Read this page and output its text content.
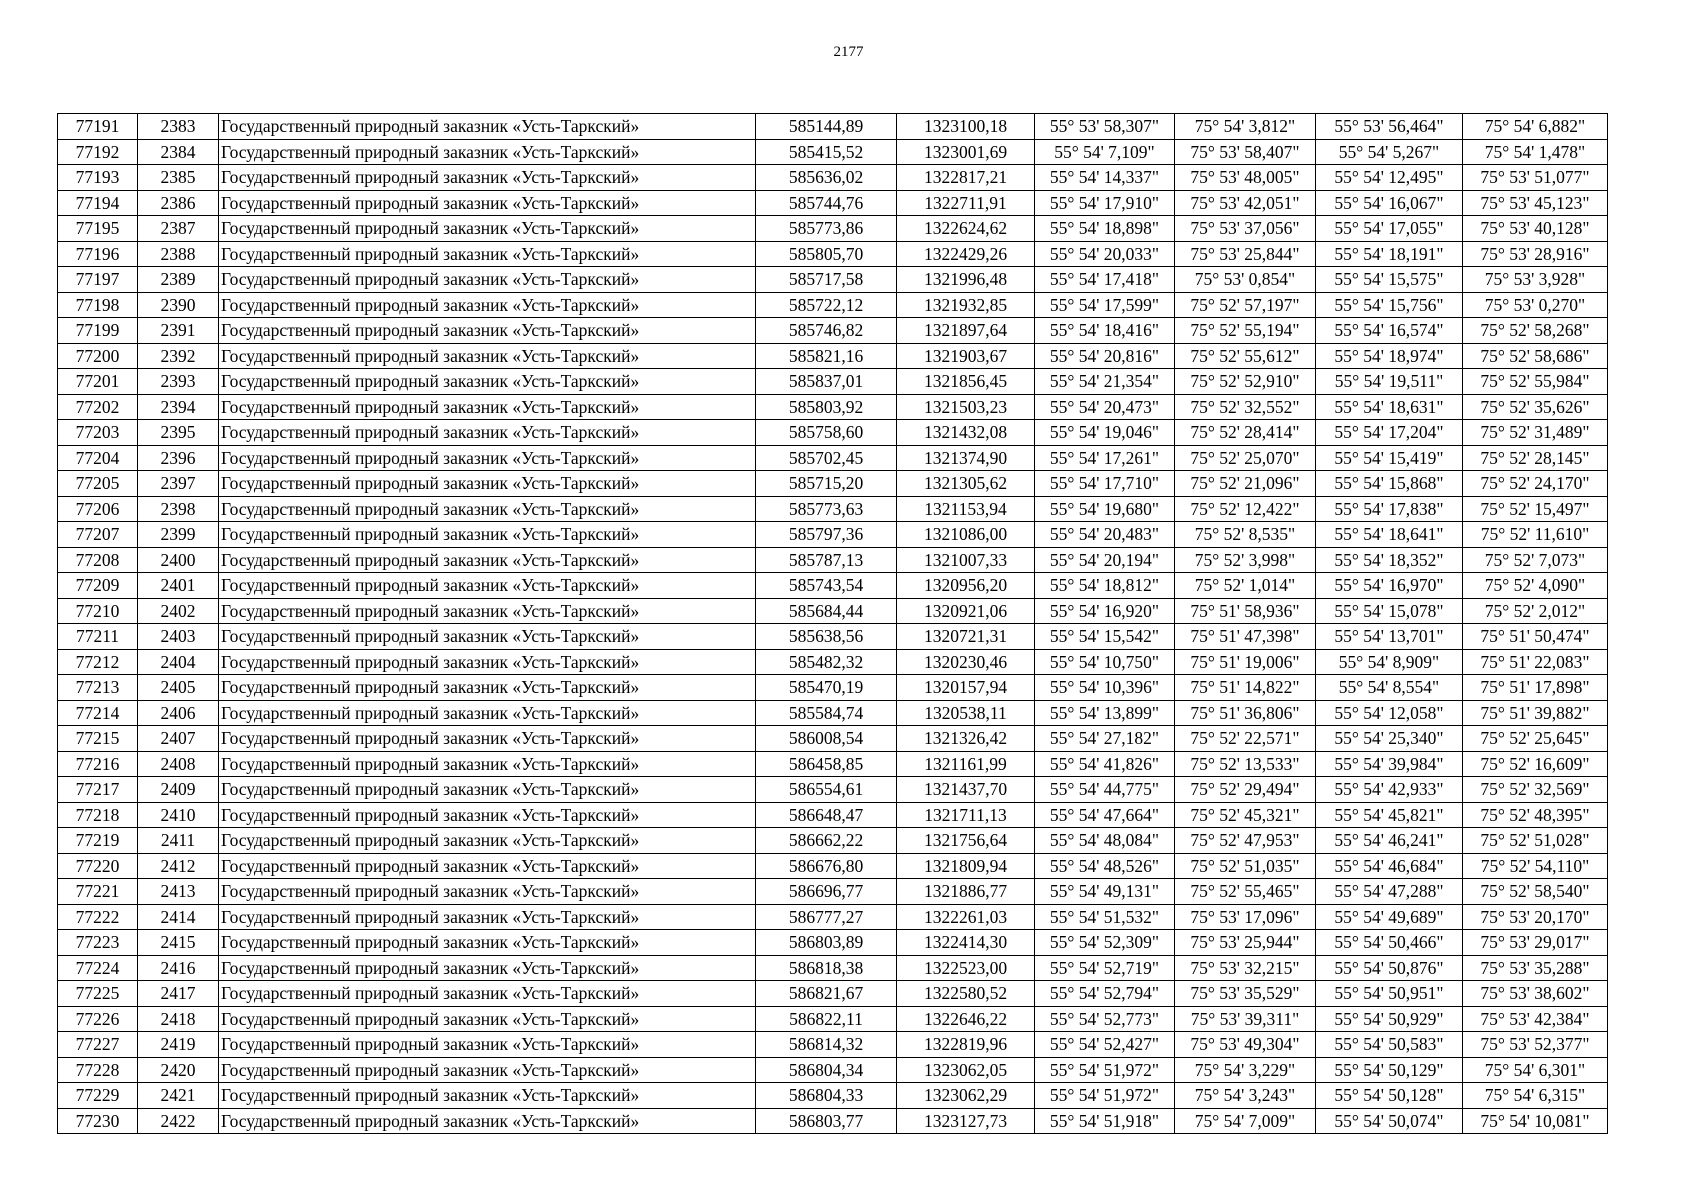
2177
77191	2383	Государственный природный заказник «Усть-Таркский»	585144,89	1323100,18	55° 53' 58,307"	75° 54' 3,812"	55° 53' 56,464"	75° 54' 6,882"
77192	2384	Государственный природный заказник «Усть-Таркский»	585415,52	1323001,69	55° 54' 7,109"	75° 53' 58,407"	55° 54' 5,267"	75° 54' 1,478"
77193	2385	Государственный природный заказник «Усть-Таркский»	585636,02	1322817,21	55° 54' 14,337"	75° 53' 48,005"	55° 54' 12,495"	75° 53' 51,077"
77194	2386	Государственный природный заказник «Усть-Таркский»	585744,76	1322711,91	55° 54' 17,910"	75° 53' 42,051"	55° 54' 16,067"	75° 53' 45,123"
77195	2387	Государственный природный заказник «Усть-Таркский»	585773,86	1322624,62	55° 54' 18,898"	75° 53' 37,056"	55° 54' 17,055"	75° 53' 40,128"
77196	2388	Государственный природный заказник «Усть-Таркский»	585805,70	1322429,26	55° 54' 20,033"	75° 53' 25,844"	55° 54' 18,191"	75° 53' 28,916"
77197	2389	Государственный природный заказник «Усть-Таркский»	585717,58	1321996,48	55° 54' 17,418"	75° 53' 0,854"	55° 54' 15,575"	75° 53' 3,928"
77198	2390	Государственный природный заказник «Усть-Таркский»	585722,12	1321932,85	55° 54' 17,599"	75° 52' 57,197"	55° 54' 15,756"	75° 53' 0,270"
77199	2391	Государственный природный заказник «Усть-Таркский»	585746,82	1321897,64	55° 54' 18,416"	75° 52' 55,194"	55° 54' 16,574"	75° 52' 58,268"
77200	2392	Государственный природный заказник «Усть-Таркский»	585821,16	1321903,67	55° 54' 20,816"	75° 52' 55,612"	55° 54' 18,974"	75° 52' 58,686"
77201	2393	Государственный природный заказник «Усть-Таркский»	585837,01	1321856,45	55° 54' 21,354"	75° 52' 52,910"	55° 54' 19,511"	75° 52' 55,984"
77202	2394	Государственный природный заказник «Усть-Таркский»	585803,92	1321503,23	55° 54' 20,473"	75° 52' 32,552"	55° 54' 18,631"	75° 52' 35,626"
77203	2395	Государственный природный заказник «Усть-Таркский»	585758,60	1321432,08	55° 54' 19,046"	75° 52' 28,414"	55° 54' 17,204"	75° 52' 31,489"
77204	2396	Государственный природный заказник «Усть-Таркский»	585702,45	1321374,90	55° 54' 17,261"	75° 52' 25,070"	55° 54' 15,419"	75° 52' 28,145"
77205	2397	Государственный природный заказник «Усть-Таркский»	585715,20	1321305,62	55° 54' 17,710"	75° 52' 21,096"	55° 54' 15,868"	75° 52' 24,170"
77206	2398	Государственный природный заказник «Усть-Таркский»	585773,63	1321153,94	55° 54' 19,680"	75° 52' 12,422"	55° 54' 17,838"	75° 52' 15,497"
77207	2399	Государственный природный заказник «Усть-Таркский»	585797,36	1321086,00	55° 54' 20,483"	75° 52' 8,535"	55° 54' 18,641"	75° 52' 11,610"
77208	2400	Государственный природный заказник «Усть-Таркский»	585787,13	1321007,33	55° 54' 20,194"	75° 52' 3,998"	55° 54' 18,352"	75° 52' 7,073"
77209	2401	Государственный природный заказник «Усть-Таркский»	585743,54	1320956,20	55° 54' 18,812"	75° 52' 1,014"	55° 54' 16,970"	75° 52' 4,090"
77210	2402	Государственный природный заказник «Усть-Таркский»	585684,44	1320921,06	55° 54' 16,920"	75° 51' 58,936"	55° 54' 15,078"	75° 52' 2,012"
77211	2403	Государственный природный заказник «Усть-Таркский»	585638,56	1320721,31	55° 54' 15,542"	75° 51' 47,398"	55° 54' 13,701"	75° 51' 50,474"
77212	2404	Государственный природный заказник «Усть-Таркский»	585482,32	1320230,46	55° 54' 10,750"	75° 51' 19,006"	55° 54' 8,909"	75° 51' 22,083"
77213	2405	Государственный природный заказник «Усть-Таркский»	585470,19	1320157,94	55° 54' 10,396"	75° 51' 14,822"	55° 54' 8,554"	75° 51' 17,898"
77214	2406	Государственный природный заказник «Усть-Таркский»	585584,74	1320538,11	55° 54' 13,899"	75° 51' 36,806"	55° 54' 12,058"	75° 51' 39,882"
77215	2407	Государственный природный заказник «Усть-Таркский»	586008,54	1321326,42	55° 54' 27,182"	75° 52' 22,571"	55° 54' 25,340"	75° 52' 25,645"
77216	2408	Государственный природный заказник «Усть-Таркский»	586458,85	1321161,99	55° 54' 41,826"	75° 52' 13,533"	55° 54' 39,984"	75° 52' 16,609"
77217	2409	Государственный природный заказник «Усть-Таркский»	586554,61	1321437,70	55° 54' 44,775"	75° 52' 29,494"	55° 54' 42,933"	75° 52' 32,569"
77218	2410	Государственный природный заказник «Усть-Таркский»	586648,47	1321711,13	55° 54' 47,664"	75° 52' 45,321"	55° 54' 45,821"	75° 52' 48,395"
77219	2411	Государственный природный заказник «Усть-Таркский»	586662,22	1321756,64	55° 54' 48,084"	75° 52' 47,953"	55° 54' 46,241"	75° 52' 51,028"
77220	2412	Государственный природный заказник «Усть-Таркский»	586676,80	1321809,94	55° 54' 48,526"	75° 52' 51,035"	55° 54' 46,684"	75° 52' 54,110"
77221	2413	Государственный природный заказник «Усть-Таркский»	586696,77	1321886,77	55° 54' 49,131"	75° 52' 55,465"	55° 54' 47,288"	75° 52' 58,540"
77222	2414	Государственный природный заказник «Усть-Таркский»	586777,27	1322261,03	55° 54' 51,532"	75° 53' 17,096"	55° 54' 49,689"	75° 53' 20,170"
77223	2415	Государственный природный заказник «Усть-Таркский»	586803,89	1322414,30	55° 54' 52,309"	75° 53' 25,944"	55° 54' 50,466"	75° 53' 29,017"
77224	2416	Государственный природный заказник «Усть-Таркский»	586818,38	1322523,00	55° 54' 52,719"	75° 53' 32,215"	55° 54' 50,876"	75° 53' 35,288"
77225	2417	Государственный природный заказник «Усть-Таркский»	586821,67	1322580,52	55° 54' 52,794"	75° 53' 35,529"	55° 54' 50,951"	75° 53' 38,602"
77226	2418	Государственный природный заказник «Усть-Таркский»	586822,11	1322646,22	55° 54' 52,773"	75° 53' 39,311"	55° 54' 50,929"	75° 53' 42,384"
77227	2419	Государственный природный заказник «Усть-Таркский»	586814,32	1322819,96	55° 54' 52,427"	75° 53' 49,304"	55° 54' 50,583"	75° 53' 52,377"
77228	2420	Государственный природный заказник «Усть-Таркский»	586804,34	1323062,05	55° 54' 51,972"	75° 54' 3,229"	55° 54' 50,129"	75° 54' 6,301"
77229	2421	Государственный природный заказник «Усть-Таркский»	586804,33	1323062,29	55° 54' 51,972"	75° 54' 3,243"	55° 54' 50,128"	75° 54' 6,315"
77230	2422	Государственный природный заказник «Усть-Таркский»	586803,77	1323127,73	55° 54' 51,918"	75° 54' 7,009"	55° 54' 50,074"	75° 54' 10,081"
